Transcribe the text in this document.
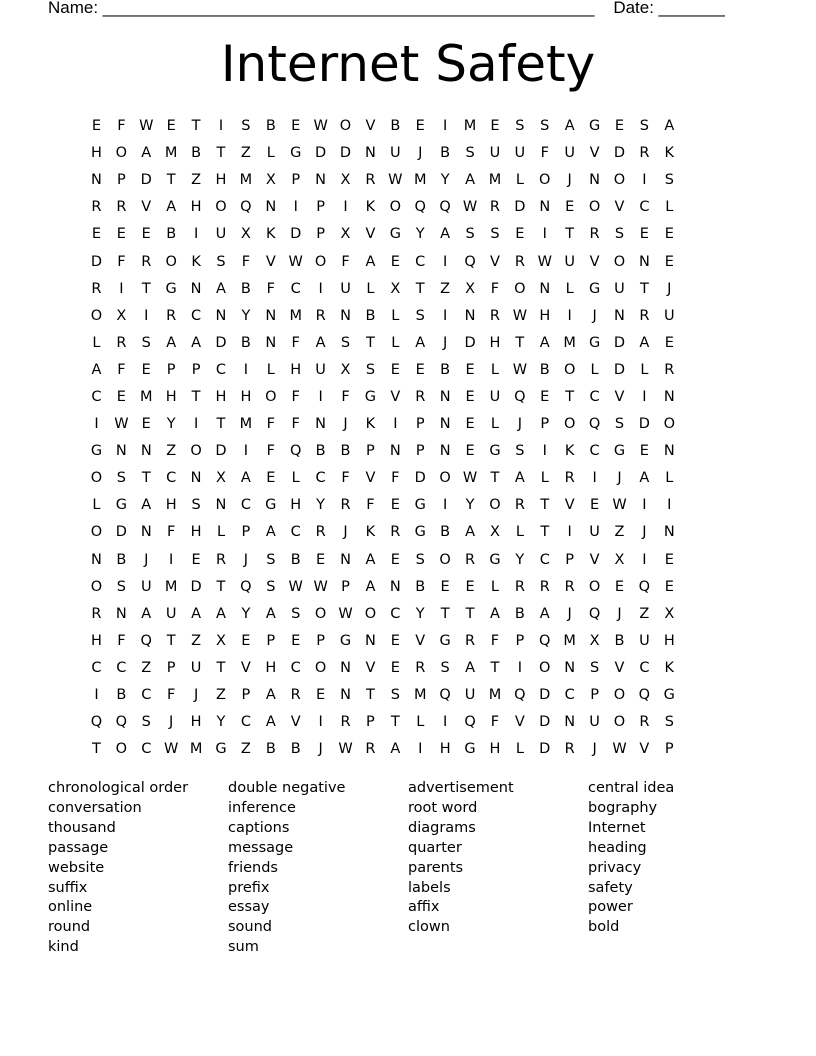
Name: ____________________________________________________    Date: _______
Internet Safety
E	F W E	T	I	S	B	E W O V	B	E	I	M E	S	S	A G	E	S	A
H O A M B	T	Z	L	G D D N U	J	B	S	U U	F	U	V D R	K
N	P	D	T	Z H M X	P	N	X	R W M Y	A M	L	O	J	N O	I	S
R	R	V	A	H O Q N	I	P	I	K O Q Q W R D N	E	O V	C	L
E	E	E	B	I	U	X	K	D	P	X	V G	Y	A	S	S	E	I	T	R	S	E	E
D	F	R O K	S	F	V W O	F	A	E	C	I	Q V	R W U	V O N	E
R	I	T	G N	A	B	F	C	I	U	L	X	T	Z	X	F	O N	L	G U	T	J
O X	I	R	C N	Y	N M R N	B	L	S	I	N R W H	I	J	N R	U
L	R	S	A	A D B	N	F	A	S	T	L	A	J	D H	T	A M G D A	E
A	F	E	P	P	C	I	L	H U	X	S	E	E	B	E	L W B O	L	D	L	R
C	E M H	T	H H O	F	I	F	G V	R N	E	U Q	E	T	C	V	I	N
I	W E	Y	I	T M F	F	N	J	K	I	P	N	E	L	J	P	O Q	S	D O
G N N	Z O D	I	F	Q B	B	P	N	P	N	E	G	S	I	K	C G	E	N
O	S	T	C N	X	A	E	L	C	F	V	F	D O W T	A	L	R	I	J	A	L
L	G A	H	S	N C G H	Y	R	F	E	G	I	Y	O R	T	V	E W	I	I
O D N	F	H	L	P	A	C	R	J	K	R G B	A	X	L	T	I	U	Z	J	N
N	B	J	I	E	R	J	S	B	E	N	A	E	S	O R G	Y	C	P	V	X	I	E
O	S	U M D	T	Q	S W W P	A	N	B	E	E	L	R	R	R O	E	Q	E
R N	A	U	A	A	Y	A	S	O W O C	Y	T	T	A	B	A	J	Q	J	Z	X
H	F	Q	T	Z	X	E	P	E	P	G N	E	V G R	F	P	Q M X	B	U H
C	C	Z	P	U	T	V	H C O N	V	E	R	S	A	T	I	O N	S	V	C	K
I	B	C	F	J	Z	P	A	R	E	N	T	S M Q U M Q D C	P	O Q G
Q Q	S	J	H	Y	C	A	V	I	R	P	T	L	I	Q	F	V D N U O R	S
T	O C W M G Z	B	B	J	W R	A	I	H G H	L	D R	J	W V	P
chronological order
conversation
thousand
passage
website
suffix
online
round
kind
double negative
inference
captions
message
friends
prefix
essay
sound
sum
advertisement
root word
diagrams
quarter
parents
labels
affix
clown
central idea
bography
Internet
heading
privacy
safety
power
bold
